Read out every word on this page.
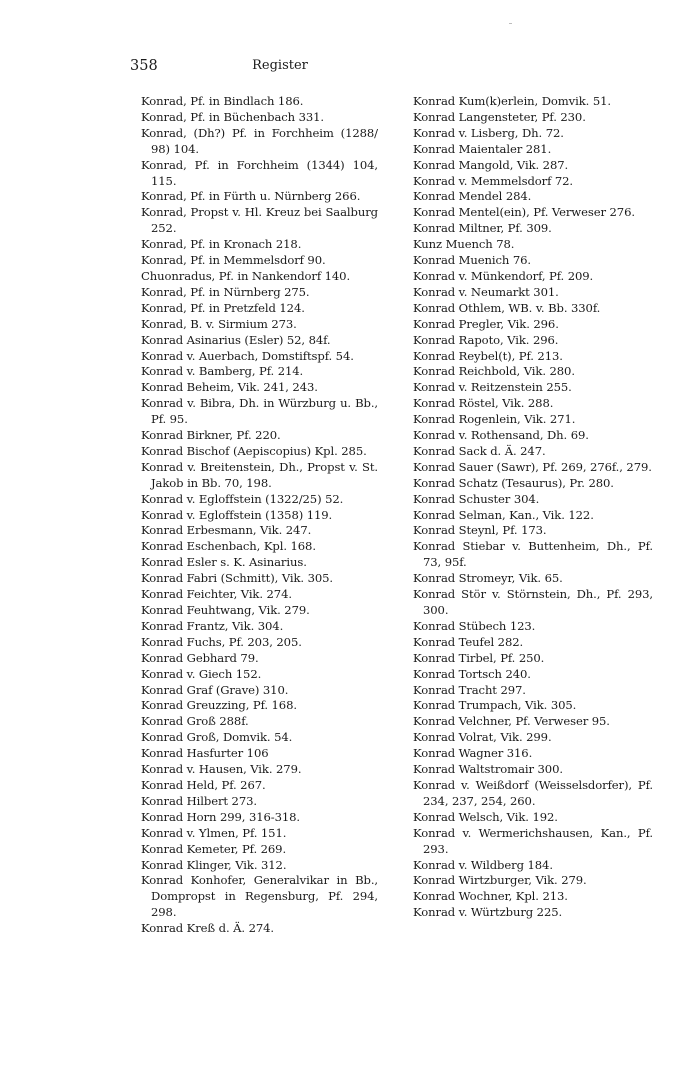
358	Register
Konrad, Pf. in Bindlach 186.
Konrad, Pf. in Büchenbach 331.
Konrad, (Dh?) Pf. in Forchheim (1288/ 98) 104.
Konrad, Pf. in Forchheim (1344) 104, 115.
Konrad, Pf. in Fürth u. Nürnberg 266.
Konrad, Propst v. Hl. Kreuz bei Saalburg 252.
Konrad, Pf. in Kronach 218.
Konrad, Pf. in Memmelsdorf 90.
Chuonradus, Pf. in Nankendorf 140.
Konrad, Pf. in Nürnberg 275.
Konrad, Pf. in Pretzfeld 124.
Konrad, B. v. Sirmium 273.
Konrad Asinarius (Esler) 52, 84f.
Konrad v. Auerbach, Domstiftspf. 54.
Konrad v. Bamberg, Pf. 214.
Konrad Beheim, Vik. 241, 243.
Konrad v. Bibra, Dh. in Würzburg u. Bb., Pf. 95.
Konrad Birkner, Pf. 220.
Konrad Bischof (Aepiscopius) Kpl. 285.
Konrad v. Breitenstein, Dh., Propst v. St. Jakob in Bb. 70, 198.
Konrad v. Egloffstein (1322/25) 52.
Konrad v. Egloffstein (1358) 119.
Konrad Erbesmann, Vik. 247.
Konrad Eschenbach, Kpl. 168.
Konrad Esler s. K. Asinarius.
Konrad Fabri (Schmitt), Vik. 305.
Konrad Feichter, Vik. 274.
Konrad Feuhtwang, Vik. 279.
Konrad Frantz, Vik. 304.
Konrad Fuchs, Pf. 203, 205.
Konrad Gebhard 79.
Konrad v. Giech 152.
Konrad Graf (Grave) 310.
Konrad Greuzzing, Pf. 168.
Konrad Groß 288f.
Konrad Groß, Domvik. 54.
Konrad Hasfurter 106
Konrad v. Hausen, Vik. 279.
Konrad Held, Pf. 267.
Konrad Hilbert 273.
Konrad Horn 299, 316-318.
Konrad v. Ylmen, Pf. 151.
Konrad Kemeter, Pf. 269.
Konrad Klinger, Vik. 312.
Konrad Konhofer, Generalvikar in Bb., Dompropst in Regensburg, Pf. 294, 298.
Konrad Kreß d. Ä. 274.
Konrad Kum(k)erlein, Domvik. 51.
Konrad Langensteter, Pf. 230.
Konrad v. Lisberg, Dh. 72.
Konrad Maientaler 281.
Konrad Mangold, Vik. 287.
Konrad v. Memmelsdorf 72.
Konrad Mendel 284.
Konrad Mentel(ein), Pf. Verweser 276.
Konrad Miltner, Pf. 309.
Kunz Muench 78.
Konrad Muenich 76.
Konrad v. Münkendorf, Pf. 209.
Konrad v. Neumarkt 301.
Konrad Othlem, WB. v. Bb. 330f.
Konrad Pregler, Vik. 296.
Konrad Rapoto, Vik. 296.
Konrad Reybel(t), Pf. 213.
Konrad Reichbold, Vik. 280.
Konrad v. Reitzenstein 255.
Konrad Röstel, Vik. 288.
Konrad Rogenlein, Vik. 271.
Konrad v. Rothensand, Dh. 69.
Konrad Sack d. Ä. 247.
Konrad Sauer (Sawr), Pf. 269, 276f., 279.
Konrad Schatz (Tesaurus), Pr. 280.
Konrad Schuster 304.
Konrad Selman, Kan., Vik. 122.
Konrad Steynl, Pf. 173.
Konrad Stiebar v. Buttenheim, Dh., Pf. 73, 95f.
Konrad Stromeyr, Vik. 65.
Konrad Stör v. Störnstein, Dh., Pf. 293, 300.
Konrad Stübech 123.
Konrad Teufel 282.
Konrad Tirbel, Pf. 250.
Konrad Tortsch 240.
Konrad Tracht 297.
Konrad Trumpach, Vik. 305.
Konrad Velchner, Pf. Verweser 95.
Konrad Volrat, Vik. 299.
Konrad Wagner 316.
Konrad Waltstromair 300.
Konrad v. Weißdorf (Weisselsdorfer), Pf. 234, 237, 254, 260.
Konrad Welsch, Vik. 192.
Konrad v. Wermerichshausen, Kan., Pf. 293.
Konrad v. Wildberg 184.
Konrad Wirtzburger, Vik. 279.
Konrad Wochner, Kpl. 213.
Konrad v. Würtzburg 225.
